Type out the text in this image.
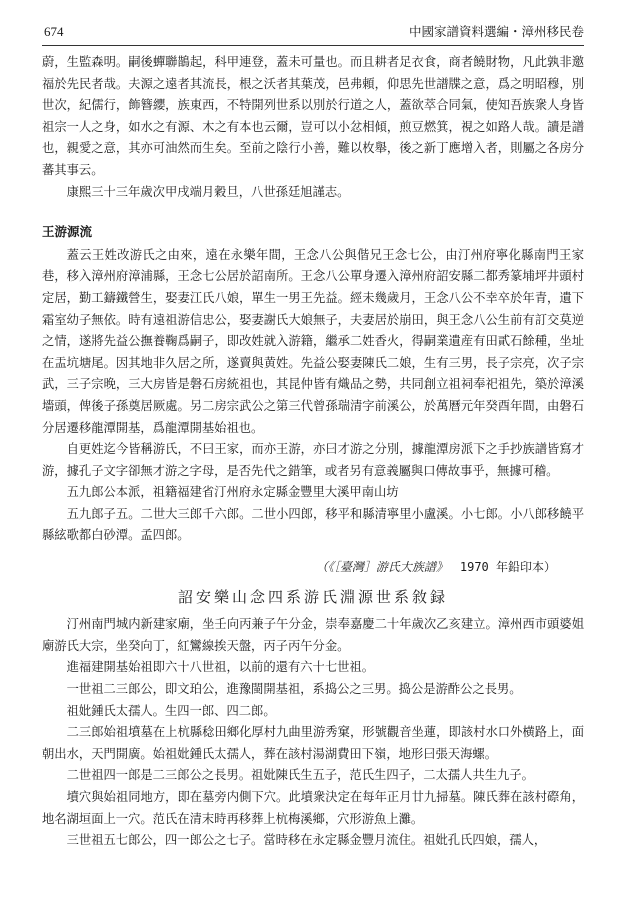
674	中國家譜資料選編・漳州移民卷

蔚，生監森明。嗣後蟬聯鵲起，科甲連登，蓋未可量也。而且耕者足衣食，商者饒財物，凡此孰非邀福於先民者哉。夫源之遠者其流長，根之沃者其葉茂，邑弗頼，仰思先世譜牒之意，爲之明昭穆，別世次，紀儒行，飾簪纓，族東西，不特開列世系以別於行道之人，蓋欲萃合同氣，使知吾族衆人身皆祖宗一人之身，如水之有源、木之有本也云爾，豈可以小忿相傾，煎豆燃箕，視之如路人哉。讀是譜也，親愛之意，其亦可油然而生矣。至前之陰行小善，難以枚舉，後之新丁應增入者，則屬之各房分蕃其事云。

康熙三十三年歲次甲戌端月穀旦，八世孫廷旭謹志。

王游源流

蓋云王姓改游氏之由來，遠在永樂年間，王念八公與偕兄王念七公，由汀州府寧化縣南門王家巷，移入漳州府漳浦縣，王念七公居於詔南所。王念八公單身遷入漳州府詔安縣二都秀篆埔坪井頭村定居，勤工鑄鐵營生，娶妻江氏八娘，單生一男王先益。經未幾歲月，王念八公不幸卒於年青，遺下霜室幼子無依。時有遠祖游信忠公，娶妻謝氏大娘無子，夫妻居於崩田，與王念八公生前有訂交莫逆之情，遂將先益公撫養鞠爲嗣子，即改姓就入游籍，繼承二姓香火，得嗣業遺産有田貳石餘種，坐址在盂坑塘尾。因其地非久居之所，遂賣與黄姓。先益公娶妻陳氏二娘，生有三男，長子宗亮，次子宗武，三子宗晚，三大房皆是磐石房統祖也，其昆仲皆有熾品之勢，共同創立祖祠奉祀祖先，築於漳溪墻頭，俾後子孫奠居厥處。另二房宗武公之第三代曾孫瑞清字前溪公，於萬曆元年癸酉年間，由磐石分居遷移龍潭開基，爲龍潭開基始祖也。

自更姓迄今皆稱游氏，不曰王家，而亦王游，亦曰才游之分別，據龍潭房派下之手抄族譜皆寫才游，據孔子文字卻無才游之字母，是否先代之錯筆，或者另有意義屬與口傳故事乎，無據可稽。

五九郎公本派，祖籍福建省汀州府永定縣金豐里大溪甲南山坊

五九郎子五。二世大三郎千六郎。二世小四郎，移平和縣清寧里小盧溪。小七郎。小八郎移饒平縣絃歌都白砂潭。孟四郎。

（《［臺灣］游氏大族譜》 1970 年鉛印本）

詔安樂山念四系游氏淵源世系敘録

汀州南門城内新建家廟，坐壬向丙兼子午分金，崇奉嘉慶二十年歲次乙亥建立。漳州西市頭婆姐廟游氏大宗，坐癸向丁，紅鸞線挨天盤，丙子丙午分金。

進福建開基始祖即六十八世祖，以前的還有六十七世祖。

一世祖二三郎公，即文珀公，進豫閩開基祖，系捣公之三男。捣公是游酢公之長男。

祖妣鍾氏太孺人。生四一郎、四二郎。

二三郎始祖墳墓在上杭縣稔田鄉化厚村九曲里游秀窠，形號觀音坐蓮，即該村水口外横路上，面朝出水，天門開廣。始祖妣鍾氏太孺人，葬在該村湯湖費田下嶺，地形曰張天海螺。

二世祖四一郎是二三郎公之長男。祖妣陳氏生五子，范氏生四子，二太孺人共生九子。

墳穴與始祖同地方，即在墓旁内側下穴。此墳衆決定在每年正月廿九掃墓。陳氏葬在該村磜角，地名湖垣面上一穴。范氏在清末時再移葬上杭梅溪鄉，穴形游魚上灘。

三世祖五七郎公，四一郎公之七子。當時移在永定縣金豐月流住。祖妣孔氏四娘，孺人，
